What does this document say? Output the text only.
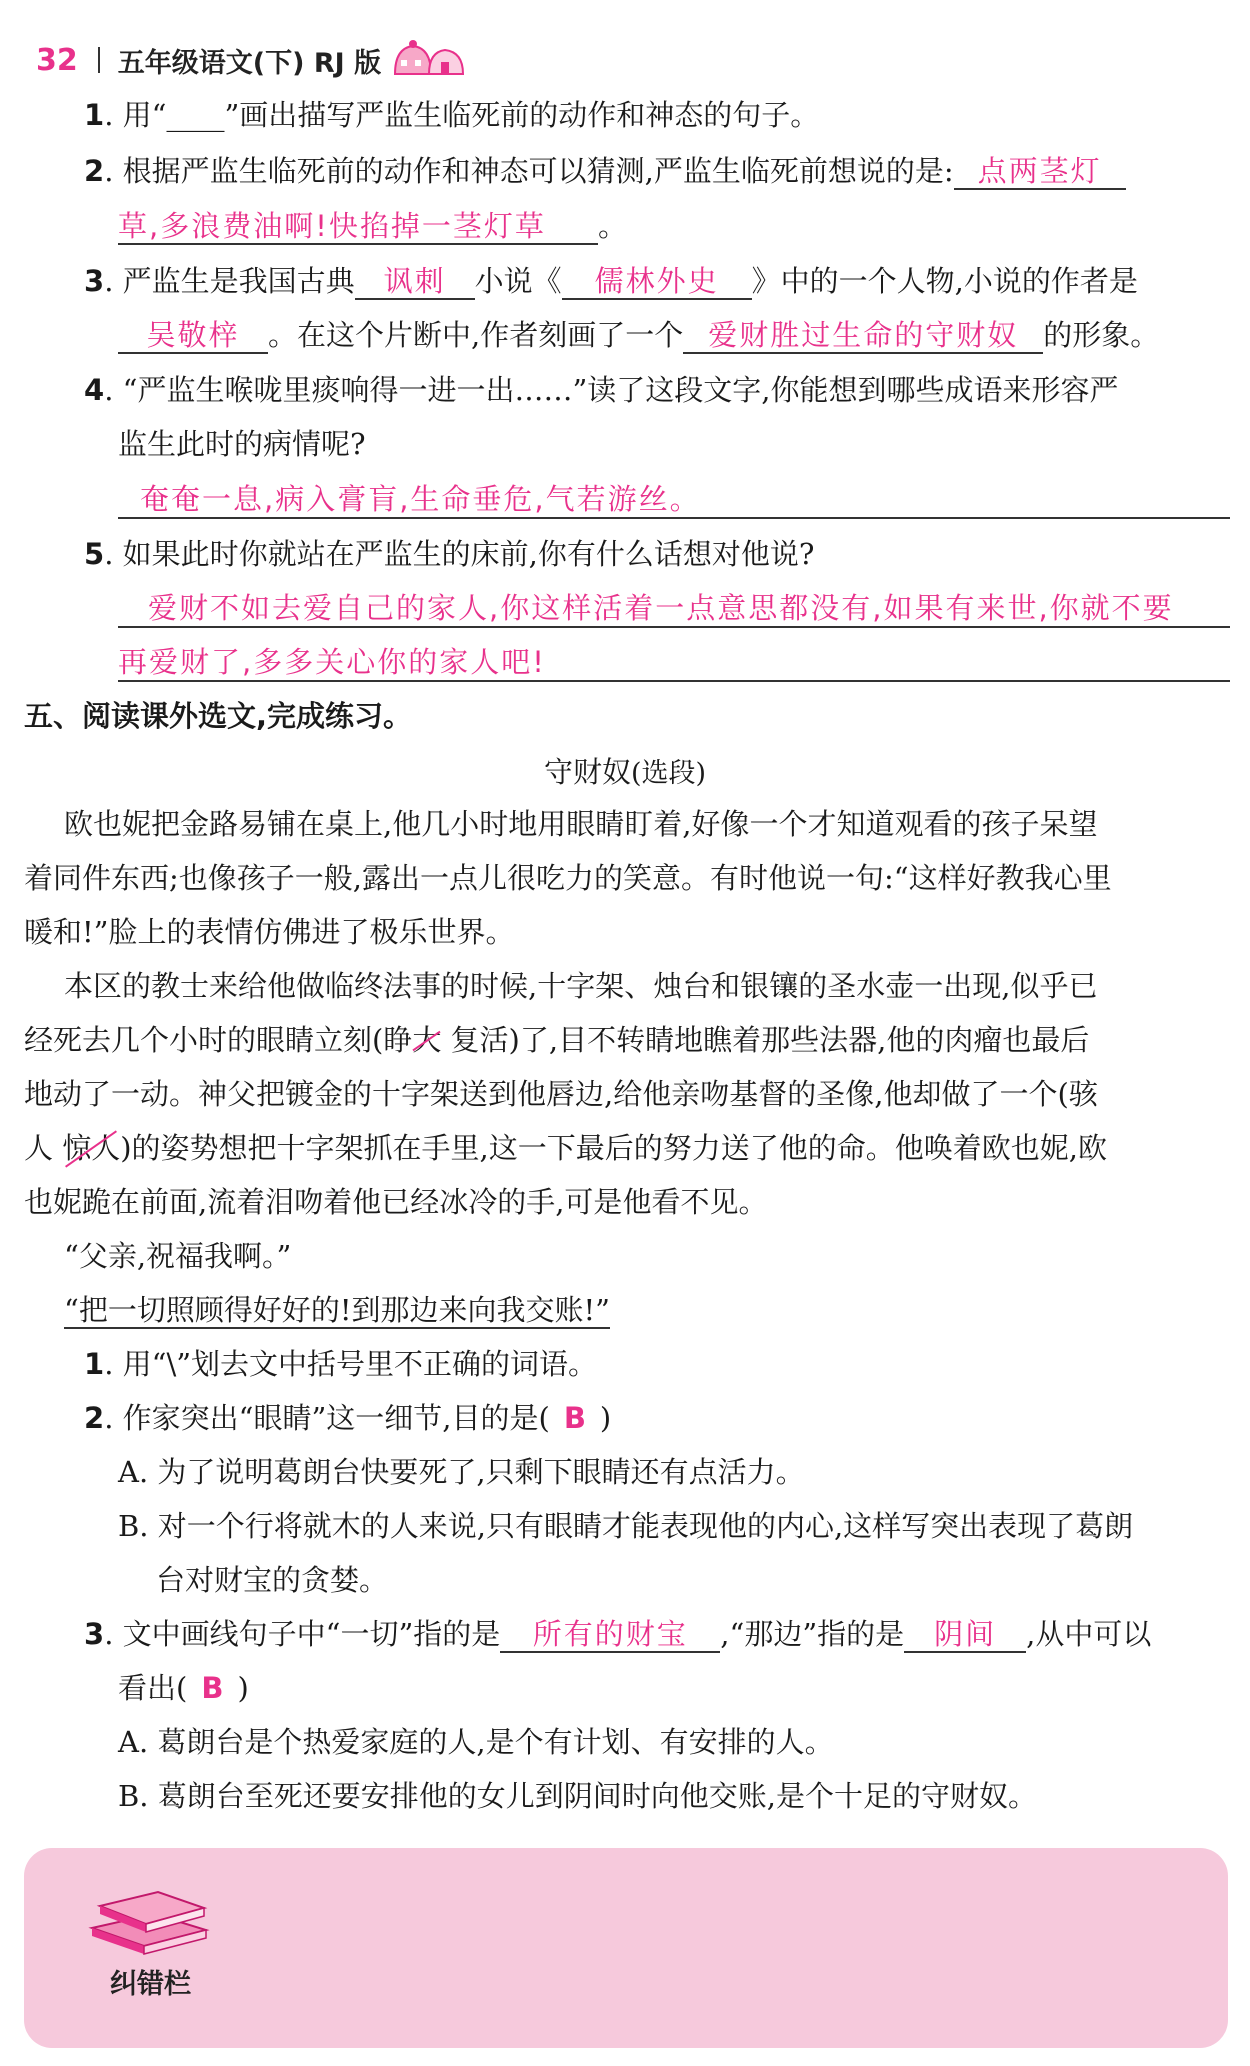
32 五年级语文(下) RJ 版
1. 用“____”画出描写严监生临死前的动作和神态的句子。
2. 根据严监生临死前的动作和神态可以猜测,严监生临死前想说的是: 点两茎灯
草,多浪费油啊!快掐掉一茎灯草 。
3. 严监生是我国古典 讽刺 小说《 儒林外史 》中的一个人物,小说的作者是
吴敬梓 。在这个片断中,作者刻画了一个 爱财胜过生命的守财奴 的形象。
4. “严监生喉咙里痰响得一进一出……”读了这段文字,你能想到哪些成语来形容严
监生此时的病情呢?
奄奄一息,病入膏肓,生命垂危,气若游丝。
5. 如果此时你就站在严监生的床前,你有什么话想对他说?
爱财不如去爱自己的家人,你这样活着一点意思都没有,如果有来世,你就不要
再爱财了,多多关心你的家人吧!
五、阅读课外选文,完成练习。
守财奴(选段)
欧也妮把金路易铺在桌上,他几小时地用眼睛盯着,好像一个才知道观看的孩子呆望
着同件东西;也像孩子一般,露出一点儿很吃力的笑意。有时他说一句:“这样好教我心里
暖和!”脸上的表情仿佛进了极乐世界。
本区的教士来给他做临终法事的时候,十字架、烛台和银镶的圣水壶一出现,似乎已
经死去几个小时的眼睛立刻(睁大 复活)了,目不转睛地瞧着那些法器,他的肉瘤也最后
地动了一动。神父把镀金的十字架送到他唇边,给他亲吻基督的圣像,他却做了一个(骇
人 惊人)的姿势想把十字架抓在手里,这一下最后的努力送了他的命。他唤着欧也妮,欧
也妮跪在前面,流着泪吻着他已经冰冷的手,可是他看不见。
“父亲,祝福我啊。”
“把一切照顾得好好的!到那边来向我交账!”
1. 用“\”划去文中括号里不正确的词语。
2. 作家突出“眼睛”这一细节,目的是( B )
A. 为了说明葛朗台快要死了,只剩下眼睛还有点活力。
B. 对一个行将就木的人来说,只有眼睛才能表现他的内心,这样写突出表现了葛朗
台对财宝的贪婪。
3. 文中画线句子中“一切”指的是 所有的财宝 ,“那边”指的是 阴间 ,从中可以
看出( B )
A. 葛朗台是个热爱家庭的人,是个有计划、有安排的人。
B. 葛朗台至死还要安排他的女儿到阴间时向他交账,是个十足的守财奴。
纠错栏
